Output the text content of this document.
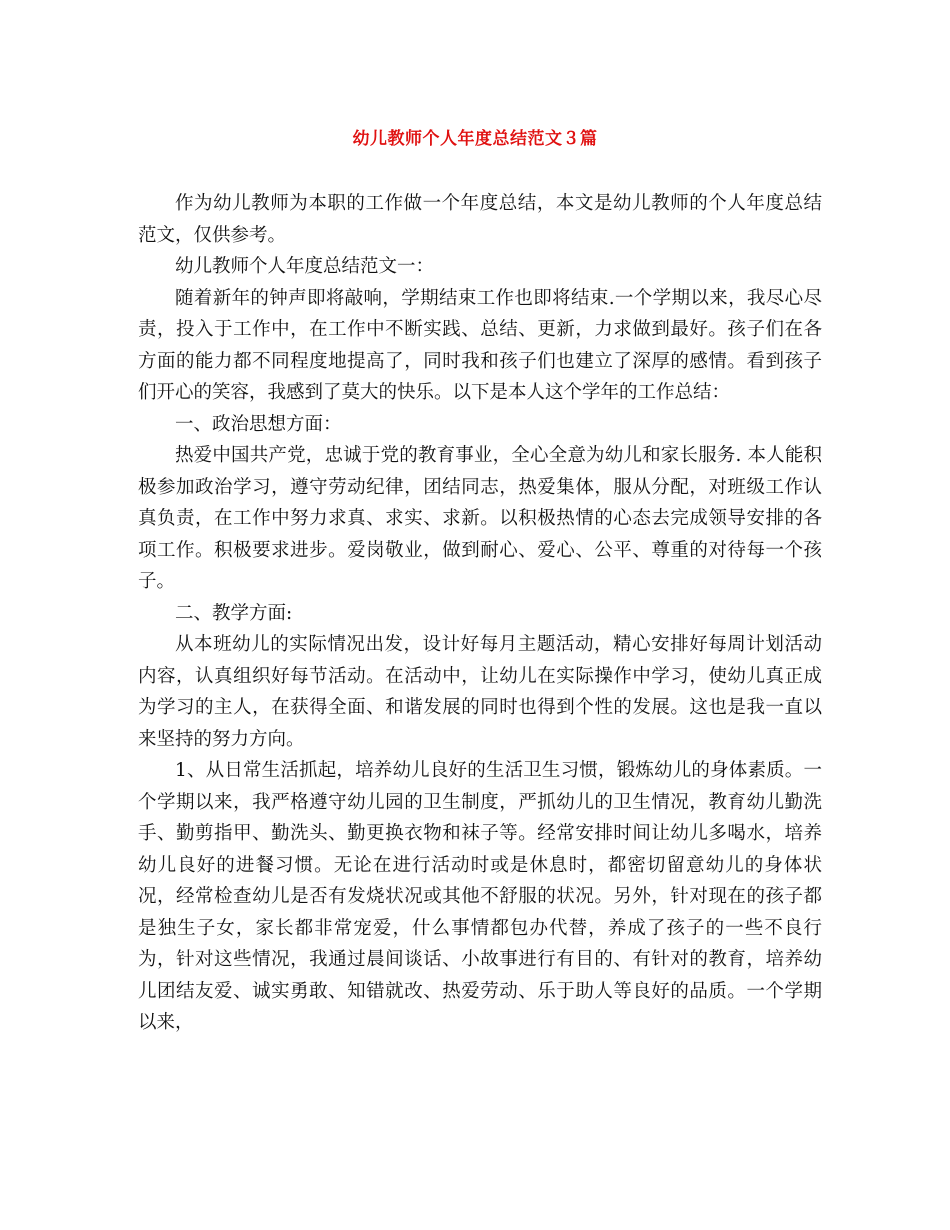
幼儿教师个人年度总结范文３篇

作为幼儿教师为本职的工作做一个年度总结，本文是幼儿教师的个人年度总结范文，仅供参考。

幼儿教师个人年度总结范文一：

随着新年的钟声即将敲响，学期结束工作也即将结束.一个学期以来，我尽心尽责，投入于工作中，在工作中不断实践、总结、更新，力求做到最好。孩子们在各方面的能力都不同程度地提高了，同时我和孩子们也建立了深厚的感情。看到孩子们开心的笑容，我感到了莫大的快乐。以下是本人这个学年的工作总结：

一、政治思想方面：

热爱中国共产党，忠诚于党的教育事业，全心全意为幼儿和家长服务. 本人能积极参加政治学习，遵守劳动纪律，团结同志，热爱集体，服从分配，对班级工作认真负责，在工作中努力求真、求实、求新。以积极热情的心态去完成领导安排的各项工作。积极要求进步。爱岗敬业，做到耐心、爱心、公平、尊重的对待每一个孩子。

二、教学方面:

从本班幼儿的实际情况出发，设计好每月主题活动，精心安排好每周计划活动内容，认真组织好每节活动。在活动中，让幼儿在实际操作中学习，使幼儿真正成为学习的主人，在获得全面、和谐发展的同时也得到个性的发展。这也是我一直以来坚持的努力方向。

1、从日常生活抓起，培养幼儿良好的生活卫生习惯，锻炼幼儿的身体素质。一个学期以来，我严格遵守幼儿园的卫生制度，严抓幼儿的卫生情况，教育幼儿勤洗手、勤剪指甲、勤洗头、勤更换衣物和袜子等。经常安排时间让幼儿多喝水，培养幼儿良好的进餐习惯。无论在进行活动时或是休息时，都密切留意幼儿的身体状况，经常检查幼儿是否有发烧状况或其他不舒服的状况。另外，针对现在的孩子都是独生子女，家长都非常宠爱，什么事情都包办代替，养成了孩子的一些不良行为，针对这些情况，我通过晨间谈话、小故事进行有目的、有针对的教育，培养幼儿团结友爱、诚实勇敢、知错就改、热爱劳动、乐于助人等良好的品质。一个学期以来，
